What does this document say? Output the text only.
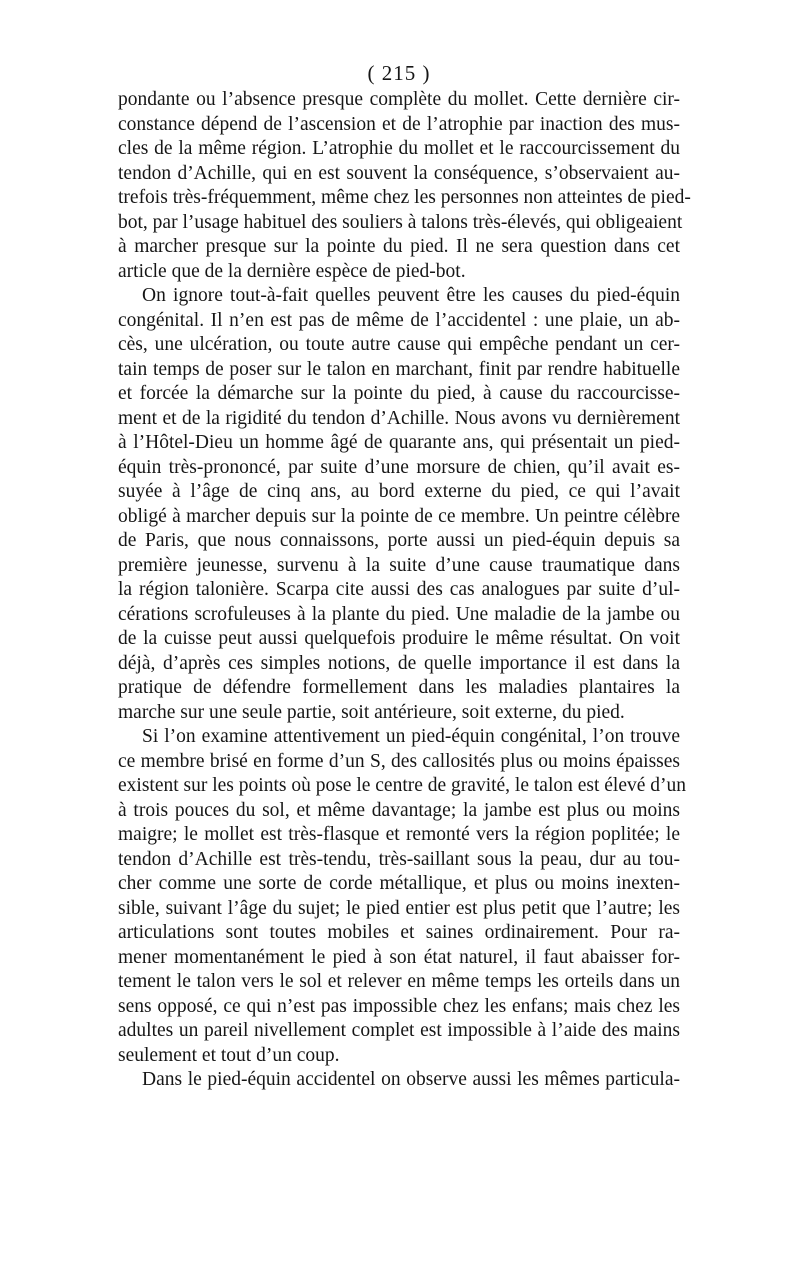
( 215 )
pondante ou l’absence presque complète du mollet. Cette dernière cir-
constance dépend de l’ascension et de l’atrophie par inaction des mus-
cles de la même région. L’atrophie du mollet et le raccourcissement du
tendon d’Achille, qui en est souvent la conséquence, s’observaient au-
trefois très-fréquemment, même chez les personnes non atteintes de pied-
bot, par l’usage habituel des souliers à talons très-élevés, qui obligeaient
à marcher presque sur la pointe du pied. Il ne sera question dans cet
article que de la dernière espèce de pied-bot.
On ignore tout-à-fait quelles peuvent être les causes du pied-équin
congénital. Il n’en est pas de même de l’accidentel : une plaie, un ab-
cès, une ulcération, ou toute autre cause qui empêche pendant un cer-
tain temps de poser sur le talon en marchant, finit par rendre habituelle
et forcée la démarche sur la pointe du pied, à cause du raccourcisse-
ment et de la rigidité du tendon d’Achille. Nous avons vu dernièrement
à l’Hôtel-Dieu un homme âgé de quarante ans, qui présentait un pied-
équin très-prononcé, par suite d’une morsure de chien, qu’il avait es-
suyée à l’âge de cinq ans, au bord externe du pied, ce qui l’avait
obligé à marcher depuis sur la pointe de ce membre. Un peintre célèbre
de Paris, que nous connaissons, porte aussi un pied-équin depuis sa
première jeunesse, survenu à la suite d’une cause traumatique dans
la région talonière. Scarpa cite aussi des cas analogues par suite d’ul-
cérations scrofuleuses à la plante du pied. Une maladie de la jambe ou
de la cuisse peut aussi quelquefois produire le même résultat. On voit
déjà, d’après ces simples notions, de quelle importance il est dans la
pratique de défendre formellement dans les maladies plantaires la
marche sur une seule partie, soit antérieure, soit externe, du pied.
Si l’on examine attentivement un pied-équin congénital, l’on trouve
ce membre brisé en forme d’un S, des callosités plus ou moins épaisses
existent sur les points où pose le centre de gravité, le talon est élevé d’un
à trois pouces du sol, et même davantage; la jambe est plus ou moins
maigre; le mollet est très-flasque et remonté vers la région poplitée; le
tendon d’Achille est très-tendu, très-saillant sous la peau, dur au tou-
cher comme une sorte de corde métallique, et plus ou moins inexten-
sible, suivant l’âge du sujet; le pied entier est plus petit que l’autre; les
articulations sont toutes mobiles et saines ordinairement. Pour ra-
mener momentanément le pied à son état naturel, il faut abaisser for-
tement le talon vers le sol et relever en même temps les orteils dans un
sens opposé, ce qui n’est pas impossible chez les enfans; mais chez les
adultes un pareil nivellement complet est impossible à l’aide des mains
seulement et tout d’un coup.
Dans le pied-équin accidentel on observe aussi les mêmes particula-
